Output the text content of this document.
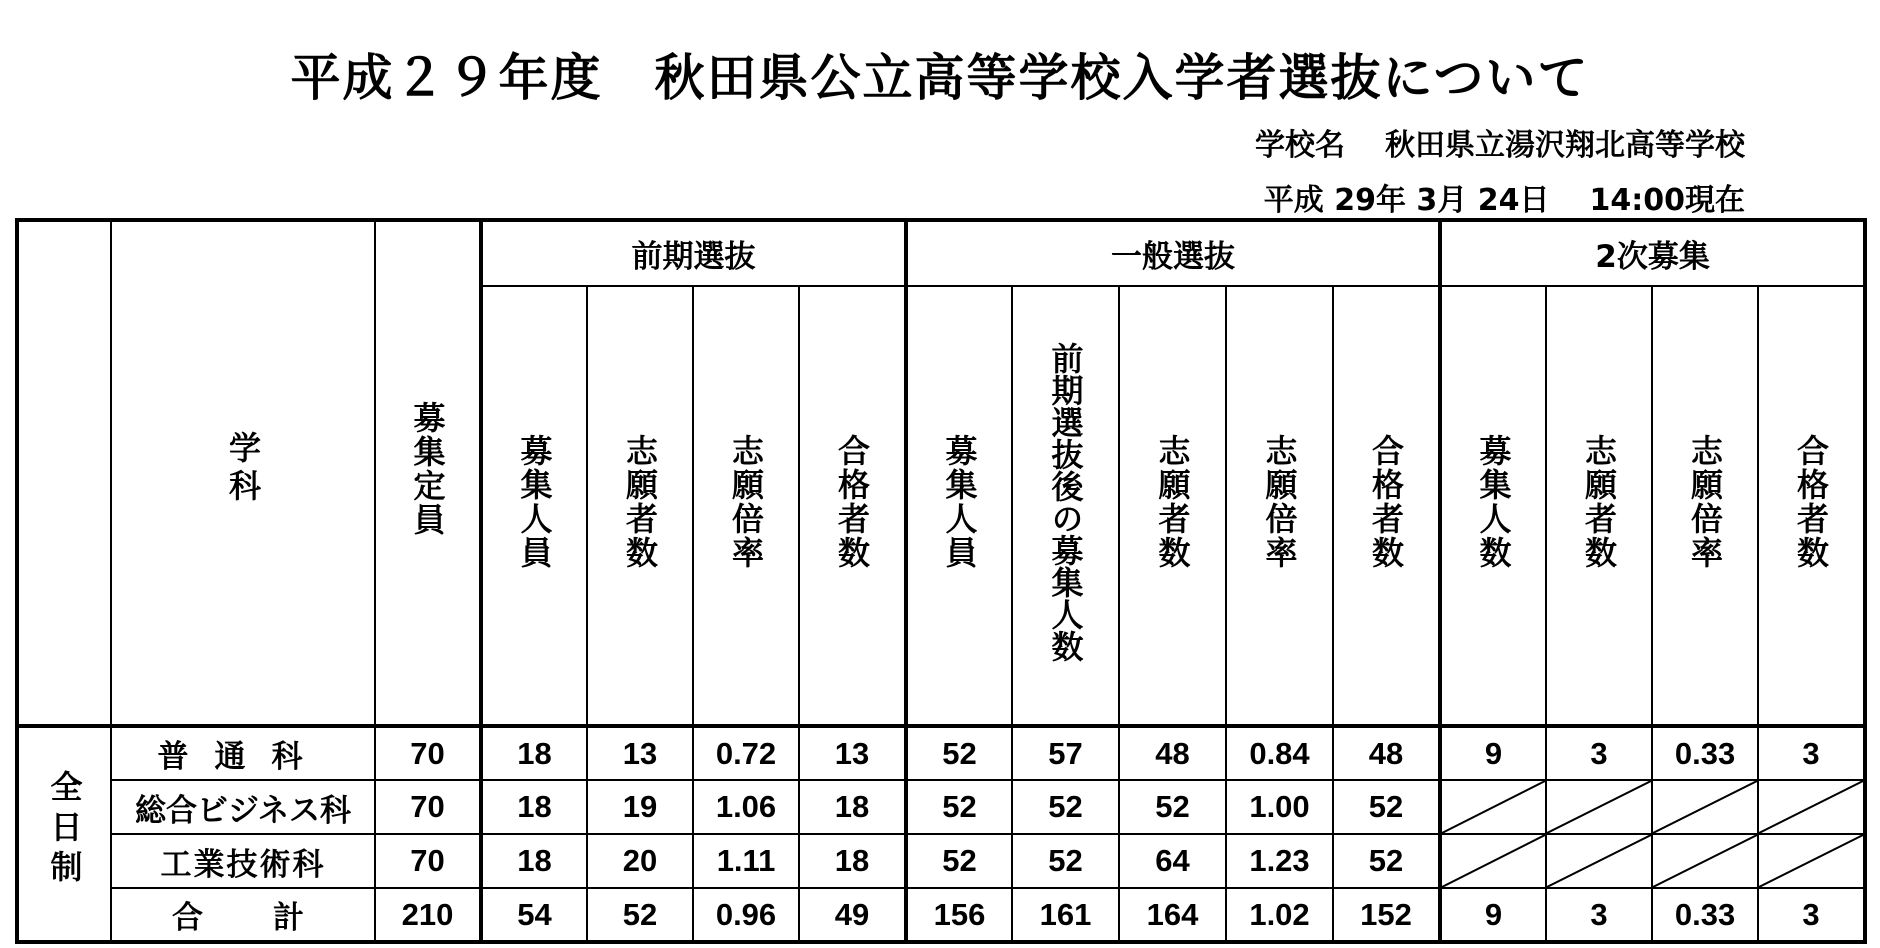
平成２９年度　秋田県公立高等学校入学者選抜について
学校名 秋田県立湯沢翔北高等学校
平成 29年 3月 24日 14:00現在
	学科	募集定員	前期選抜				一般選抜					2次募集			
			募集人員	志願者数	志願倍率	合格者数	募集人員	前期選抜後の募集人数	志願者数	志願倍率	合格者数	募集人数	志願者数	志願倍率	合格者数
全日制	普通科	70	18	13	0.72	13	52	57	48	0.84	48	9	3	0.33	3
	総合ビジネス科	70	18	19	1.06	18	52	52	52	1.00	52	

	工業技術科	70	18	20	1.11	18	52	52	64	1.23	52	

	合計	210	54	52	0.96	49	156	161	164	1.02	152	9	3	0.33	3
